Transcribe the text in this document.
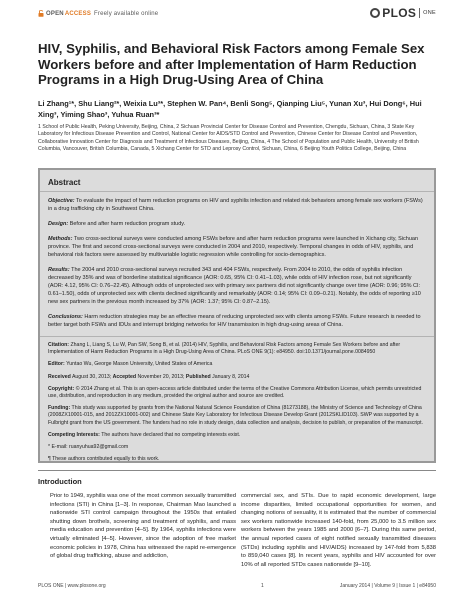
OPEN ACCESS Freely available online	PLOS ONE
HIV, Syphilis, and Behavioral Risk Factors among Female Sex Workers before and after Implementation of Harm Reduction Programs in a High Drug-Using Area of China
Li Zhang¹*, Shu Liang²*, Weixia Lu³*, Stephen W. Pan⁴, Benli Song⁵, Qianping Liu⁵, Yunan Xu³, Hui Dong⁶, Hui Xing³, Yiming Shao³, Yuhua Ruan³*
1 School of Public Health, Peking University, Beijing, China, 2 Sichuan Provincial Center for Disease Control and Prevention, Chengdu, Sichuan, China, 3 State Key Laboratory for Infectious Disease Prevention and Control, National Center for AIDS/STD Control and Prevention, Chinese Center for Disease Control and Prevention, Collaborative Innovation Center for Diagnosis and Treatment of Infectious Diseases, Beijing, China, 4 The School of Population and Public Health, University of British Columbia, Vancouver, British Columbia, Canada, 5 Xichang Center for STD and Leprosy Control, Sichuan, China, 6 Beijing Youth Politics College, Beijing, China
Abstract

Objective: To evaluate the impact of harm reduction programs on HIV and syphilis infection and related risk behaviors among female sex workers (FSWs) in a drug trafficking city in Southwest China.

Design: Before and after harm reduction program study.

Methods: Two cross-sectional surveys were conducted among FSWs before and after harm reduction programs were launched in Xichang city, Sichuan province. The first and second cross-sectional surveys were conducted in 2004 and 2010, respectively. Temporal changes in odds of HIV, syphilis, and behavioral risk factors were assessed by multivariable logistic regression while controlling for socio-demographics.

Results: The 2004 and 2010 cross-sectional surveys recruited 343 and 404 FSWs, respectively. From 2004 to 2010, the odds of syphilis infection decreased by 35% and was of borderline statistical significance (AOR: 0.65, 95% CI: 0.41–1.03), while odds of HIV infection rose, but not significantly (AOR: 4.12, 95% CI: 0.76–22.45). Although odds of unprotected sex with primary sex partners did not significantly change over time (AOR: 0.96; 95% CI: 0.61–1.50), odds of unprotected sex with clients declined significantly and remarkably (AOR: 0.14; 95% CI: 0.09–0.21). Notably, the odds of reporting ≥10 new sex partners in the previous month increased by 37% (AOR: 1.37; 95% CI: 0.87–2.15).

Conclusions: Harm reduction strategies may be an effective means of reducing unprotected sex with clients among FSWs. Future research is needed to better target both FSWs and IDUs and interrupt bridging networks for HIV transmission in high drug-using areas of China.

Citation: Zhang L, Liang S, Lu W, Pan SW, Song B, et al. (2014) HIV, Syphilis, and Behavioral Risk Factors among Female Sex Workers before and after Implementation of Harm Reduction Programs in a High Drug-Using Area of China. PLoS ONE 9(1): e84950. doi:10.1371/journal.pone.0084950

Editor: Yuntao Wu, George Mason University, United States of America

Received August 30, 2013; Accepted November 20, 2013; Published January 8, 2014

Copyright: © 2014 Zhang et al. This is an open-access article distributed under the terms of the Creative Commons Attribution License, which permits unrestricted use, distribution, and reproduction in any medium, provided the original author and source are credited.

Funding: This study was supported by grants from the National Natural Science Foundation of China (81273188), the Ministry of Science and Technology of China (2008ZX10001-015, and 2012ZX10001-002) and Chinese State Key Laboratory for Infectious Disease Develop Grant (2012SKLID103). SWP was supported by a Fulbright grant from the US government. The funders had no role in study design, data collection and analysis, decision to publish, or preparation of the manuscript.

Competing Interests: The authors have declared that no competing interests exist.

* E-mail: ruanyuhua92@gmail.com

¶ These authors contributed equally to this work.

Introduction

Prior to 1949, syphilis was one of the most common sexually transmitted infections (STI) in China [1–3]. In response, Chairman Mao launched a nationwide STI control campaign throughout the 1950s that entailed shutting down brothels, screening and treatment of syphilis, and mass media education and prevention [4–5]. By 1964, syphilis infections were virtually eliminated [4–5]. However, since the adoption of free market economic policies in 1978, China has witnessed the rapid re-emergence of global drug trafficking, abuse and addiction,

commercial sex, and STIs. Due to rapid economic development, large income disparities, limited occupational opportunities for women, and changing notions of sexuality, it is estimated that the number of commercial sex workers nationwide increased 140-fold, from 25,000 to 3.5 million sex workers between the years 1985 and 2000 [6–7]. During this same period, the annual reported cases of eight notified sexually transmitted diseases (STDs) including syphilis and HIV/AIDS) increased by 147-fold from 5,838 to 859,040 cases [8]. In recent years, syphilis and HIV accounted for over 10% of all reported STDs cases nationwide [9–10].

PLOS ONE | www.plosone.org	1	January 2014 | Volume 9 | Issue 1 | e84950
